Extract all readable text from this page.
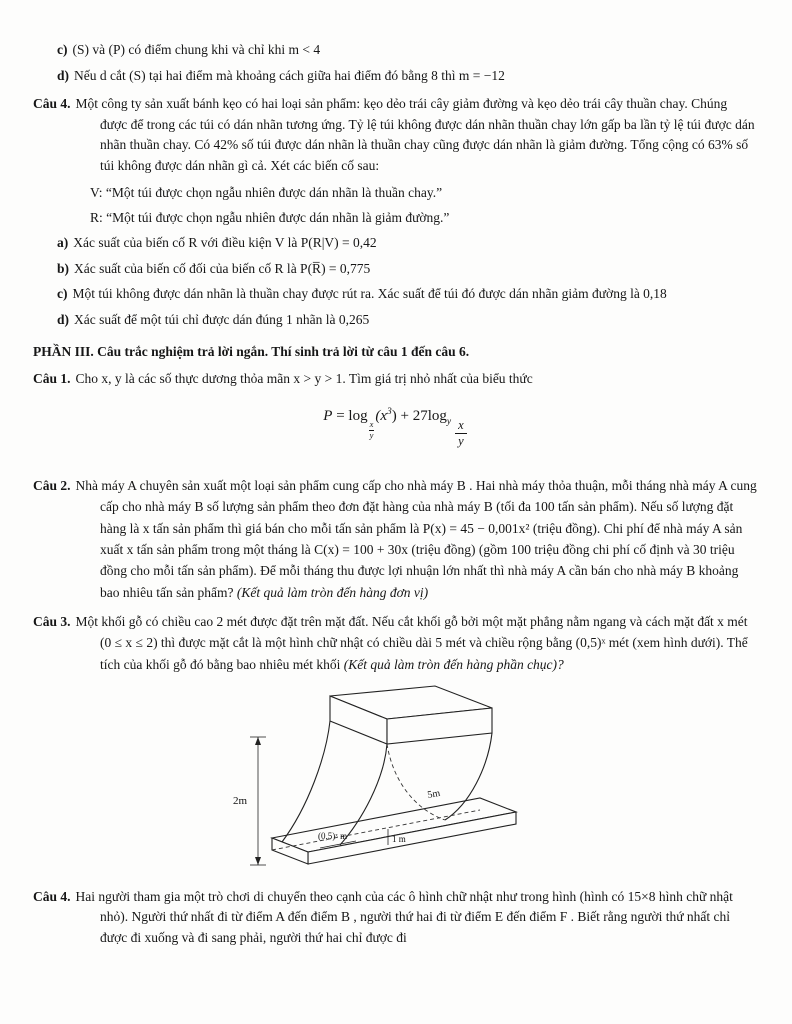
c) (S) và (P) có điểm chung khi và chỉ khi m < 4
d) Nếu d cắt (S) tại hai điểm mà khoảng cách giữa hai điểm đó bằng 8 thì m = −12
Câu 4. Một công ty sản xuất bánh kẹo có hai loại sản phẩm: kẹo dẻo trái cây giảm đường và kẹo dẻo trái cây thuần chay. Chúng được để trong các túi có dán nhãn tương ứng. Tỷ lệ túi không được dán nhãn thuần chay lớn gấp ba lần tỷ lệ túi được dán nhãn thuần chay. Có 42% số túi được dán nhãn là thuần chay cũng được dán nhãn là giảm đường. Tổng cộng có 63% số túi không được dán nhãn gì cả. Xét các biến cố sau:
V: “Một túi được chọn ngẫu nhiên được dán nhãn là thuần chay.”
R: “Một túi được chọn ngẫu nhiên được dán nhãn là giảm đường.”
a) Xác suất của biến cố R với điều kiện V là P(R|V) = 0,42
b) Xác suất của biến cố đối của biến cố R là P(R̅) = 0,775
c) Một túi không được dán nhãn là thuần chay được rút ra. Xác suất để túi đó được dán nhãn giảm đường là 0,18
d) Xác suất để một túi chỉ được dán đúng 1 nhãn là 0,265
PHẦN III. Câu trắc nghiệm trả lời ngắn. Thí sinh trả lời từ câu 1 đến câu 6.
Câu 1. Cho x, y là các số thực dương thỏa mãn x > y > 1. Tìm giá trị nhỏ nhất của biểu thức
P = log
$\frac{x}{y}$
$(x^3) + 27\log_y \frac{x}{y}$
Câu 2. Nhà máy A chuyên sản xuất một loại sản phẩm cung cấp cho nhà máy B . Hai nhà máy thỏa thuận, mỗi tháng nhà máy A cung cấp cho nhà máy B số lượng sản phẩm theo đơn đặt hàng của nhà máy B (tối đa 100 tấn sản phẩm). Nếu số lượng đặt hàng là x tấn sản phẩm thì giá bán cho mỗi tấn sản phẩm là P(x) = 45 − 0,001x² (triệu đồng). Chi phí để nhà máy A sản xuất x tấn sản phẩm trong một tháng là C(x) = 100 + 30x (triệu đồng) (gồm 100 triệu đồng chi phí cố định và 30 triệu đồng cho mỗi tấn sản phẩm). Để mỗi tháng thu được lợi nhuận lớn nhất thì nhà máy A cần bán cho nhà máy B khoảng bao nhiêu tấn sản phẩm? (Kết quả làm tròn đến hàng đơn vị)
Câu 3. Một khối gỗ có chiều cao 2 mét được đặt trên mặt đất. Nếu cắt khối gỗ bởi một mặt phẳng nằm ngang và cách mặt đất x mét (0 ≤ x ≤ 2) thì được mặt cắt là một hình chữ nhật có chiều dài 5 mét và chiều rộng bằng (0,5)ˣ mét (xem hình dưới). Thể tích của khối gỗ đó bằng bao nhiêu mét khối (Kết quả làm tròn đến hàng phần chục)?
2m
5m
(0,5)ˣ m	1 m
Câu 4. Hai người tham gia một trò chơi di chuyển theo cạnh của các ô hình chữ nhật như trong hình (hình có 15×8 hình chữ nhật nhỏ). Người thứ nhất đi từ điểm A đến điểm B , người thứ hai đi từ điểm E đến điểm F . Biết rằng người thứ nhất chỉ được đi xuống và đi sang phải, người thứ hai chỉ được đi
